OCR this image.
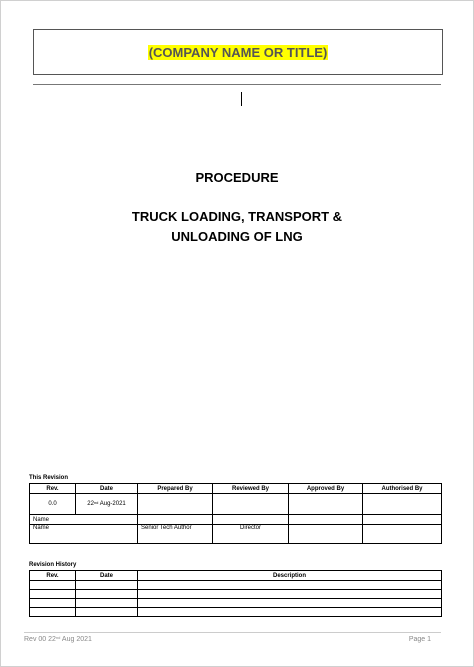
(COMPANY NAME OR TITLE)
PROCEDURE
TRUCK LOADING, TRANSPORT &
UNLOADING OF LNG
This Revision
Rev.	Date	Prepared By	Reviewed By	Approved By	Authorised By
0.0	22nd Aug-2021				
Name					
Name		Senior Tech Author	Director		
Revision History
Rev.	Date	Description

Rev 00 22nd Aug 2021	Page 1
